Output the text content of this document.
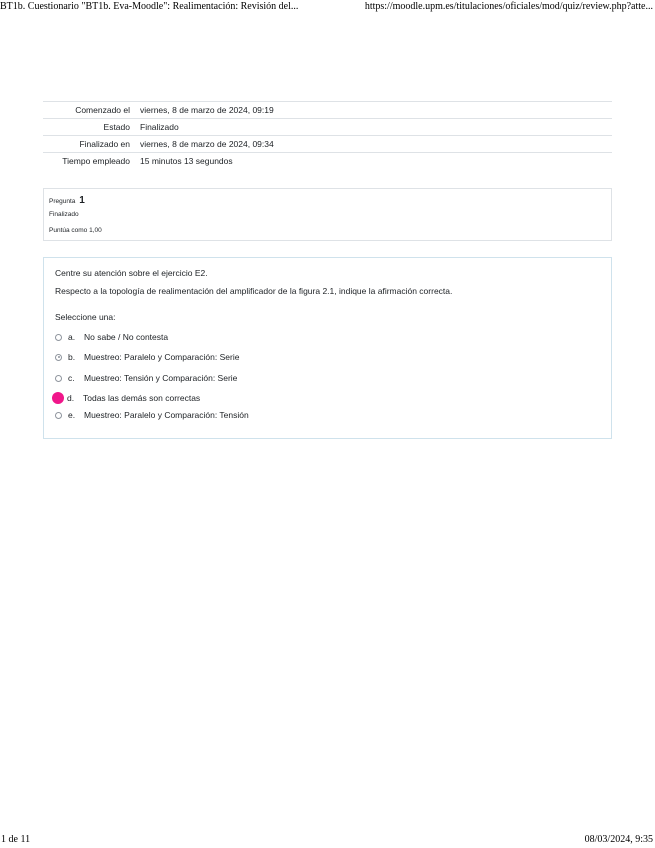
BT1b. Cuestionario "BT1b. Eva-Moodle": Realimentación: Revisión del...	https://moodle.upm.es/titulaciones/oficiales/mod/quiz/review.php?atte...
Comenzado el	viernes, 8 de marzo de 2024, 09:19
Estado	Finalizado
Finalizado en	viernes, 8 de marzo de 2024, 09:34
Tiempo empleado	15 minutos 13 segundos
Pregunta 1
Finalizado
Puntúa como 1,00
Centre su atención sobre el ejercicio E2.
Respecto a la topología de realimentación del amplificador de la figura 2.1, indique la afirmación correcta.
Seleccione una:
a.	No sabe / No contesta
b.	Muestreo: Paralelo y Comparación: Serie
c.	Muestreo: Tensión y Comparación: Serie
d.	Todas las demás son correctas
e.	Muestreo: Paralelo y Comparación: Tensión
1 de 11	08/03/2024, 9:35
